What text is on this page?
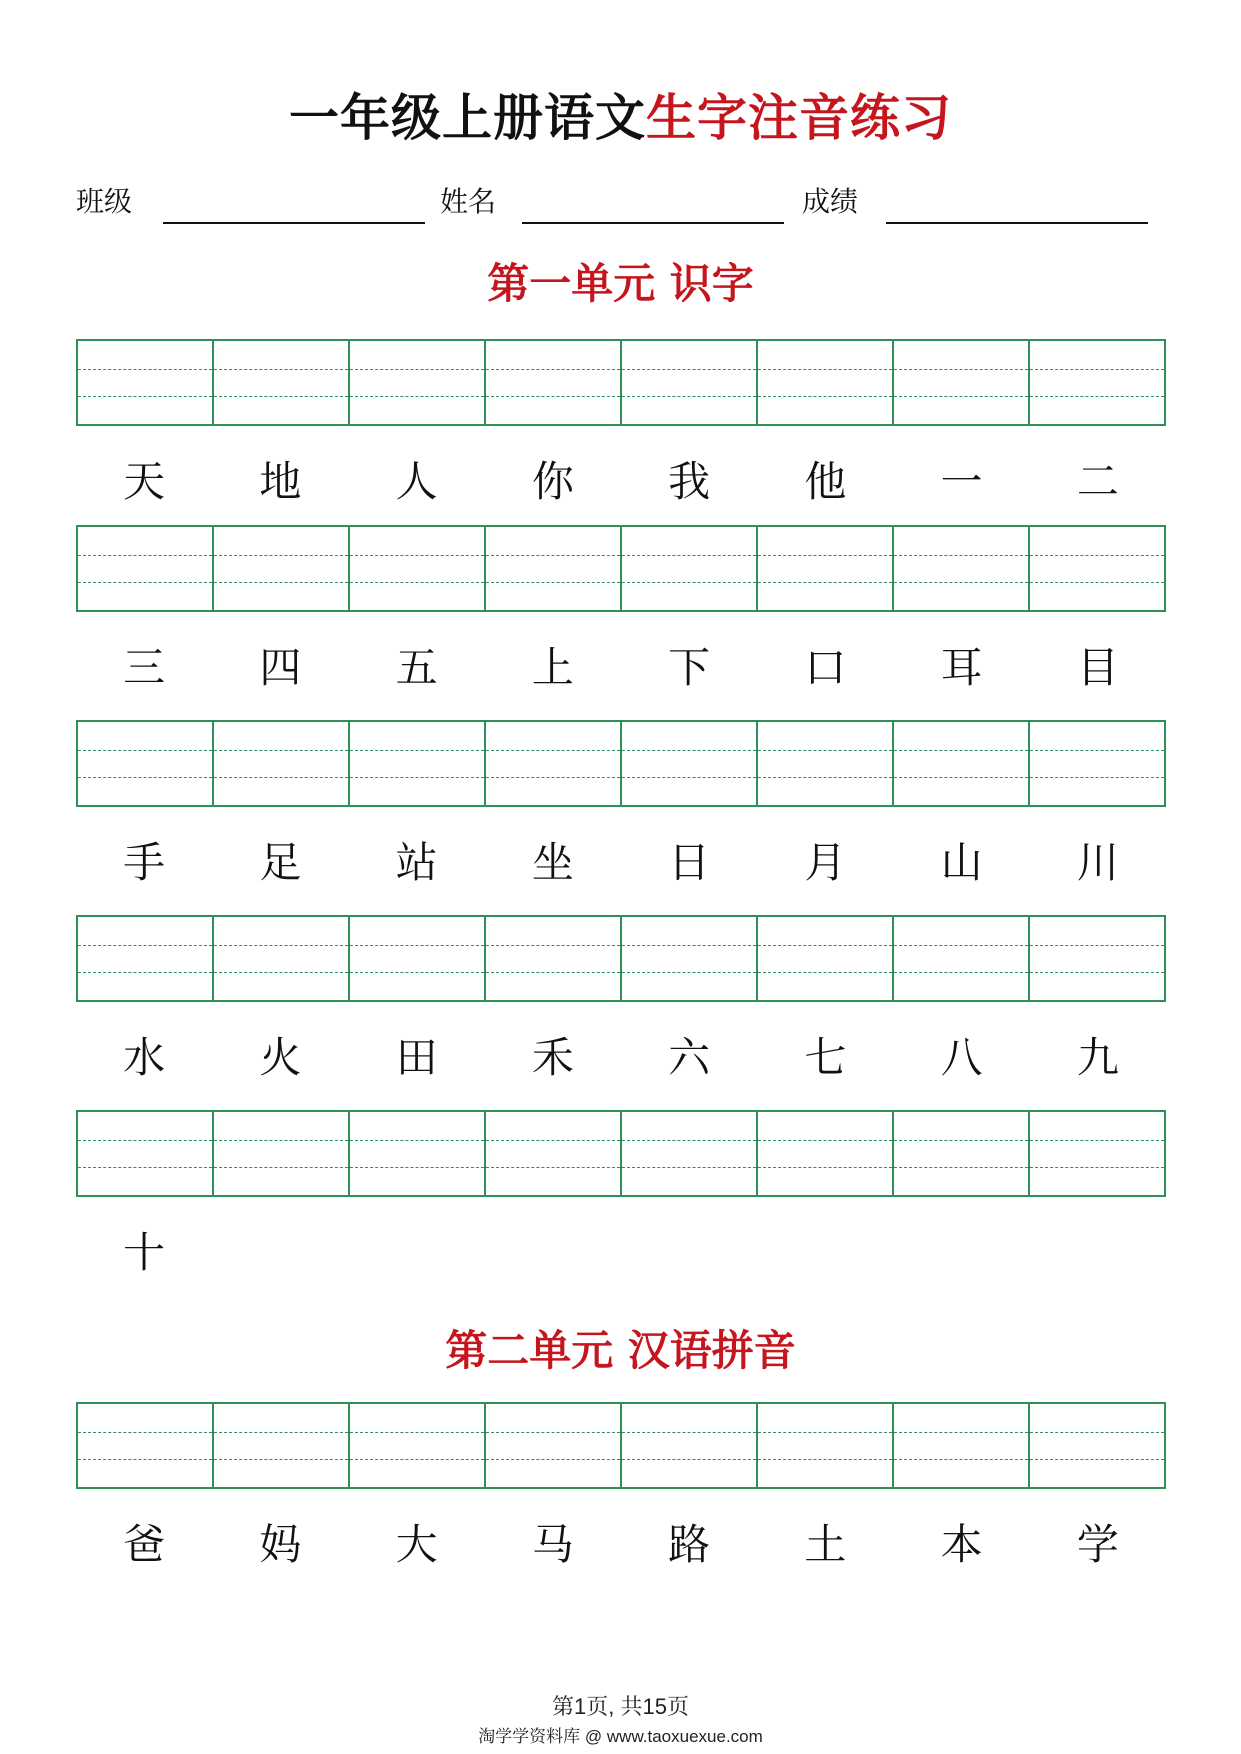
一年级上册语文生字注音练习
班级	姓名	成绩
第一单元 识字
天	地	人	你	我	他	一	二
三	四	五	上	下	口	耳	目
手	足	站	坐	日	月	山	川
水	火	田	禾	六	七	八	九
十
第二单元 汉语拼音
爸	妈	大	马	路	土	本	学
第1页, 共15页
淘学学资料库 @ www.taoxuexue.com
